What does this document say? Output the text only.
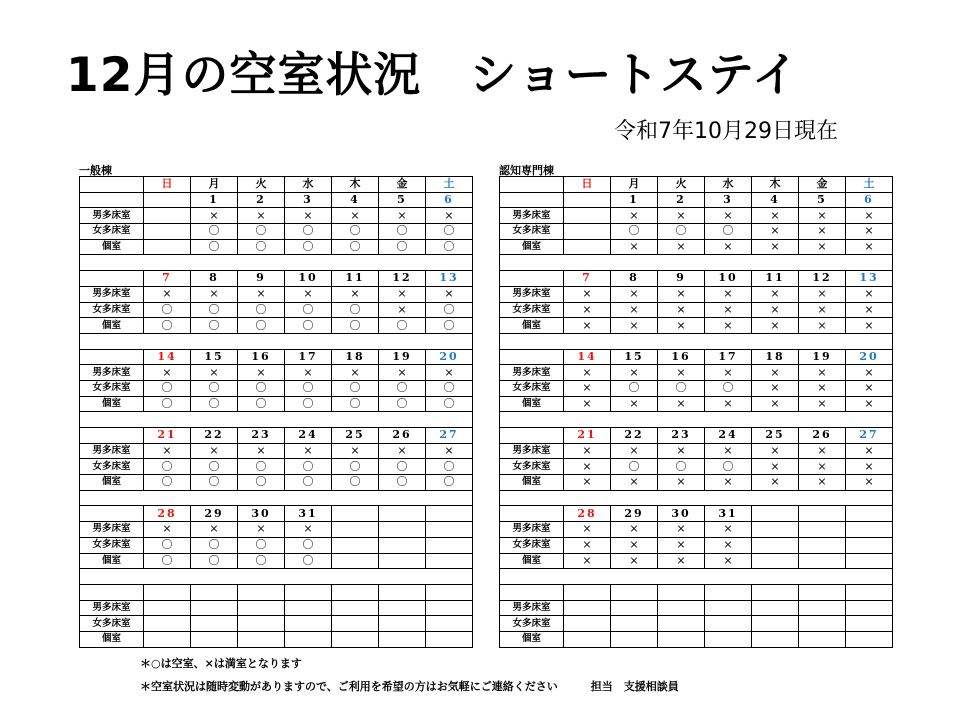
12月の空室状況　ショートステイ
令和7年10月29日現在
一般棟	認知専門棟
	日	月	火	水	木	金	土
		1	2	3	4	5	6
男多床室		×	×	×	×	×	×
女多床室		〇	〇	〇	〇	〇	〇
個室		〇	〇	〇	〇	〇	〇

	7	8	9	10	11	12	13
男多床室	×	×	×	×	×	×	×
女多床室	〇	〇	〇	〇	〇	×	〇
個室	〇	〇	〇	〇	〇	〇	〇

	14	15	16	17	18	19	20
男多床室	×	×	×	×	×	×	×
女多床室	〇	〇	〇	〇	〇	〇	〇
個室	〇	〇	〇	〇	〇	〇	〇

	21	22	23	24	25	26	27
男多床室	×	×	×	×	×	×	×
女多床室	〇	〇	〇	〇	〇	〇	〇
個室	〇	〇	〇	〇	〇	〇	〇

	28	29	30	31			
男多床室	×	×	×	×			
女多床室	〇	〇	〇	〇			
個室	〇	〇	〇	〇			

男多床室							
女多床室							
個室							
	日	月	火	水	木	金	土
		1	2	3	4	5	6
男多床室		×	×	×	×	×	×
女多床室		〇	〇	〇	×	×	×
個室		×	×	×	×	×	×

	7	8	9	10	11	12	13
男多床室	×	×	×	×	×	×	×
女多床室	×	×	×	×	×	×	×
個室	×	×	×	×	×	×	×

	14	15	16	17	18	19	20
男多床室	×	×	×	×	×	×	×
女多床室	×	〇	〇	〇	×	×	×
個室	×	×	×	×	×	×	×

	21	22	23	24	25	26	27
男多床室	×	×	×	×	×	×	×
女多床室	×	〇	〇	〇	×	×	×
個室	×	×	×	×	×	×	×

	28	29	30	31			
男多床室	×	×	×	×			
女多床室	×	×	×	×			
個室	×	×	×	×			

男多床室							
女多床室							
個室							
＊○は空室、×は満室となります
＊空室状況は随時変動がありますので、ご利用を希望の方はお気軽にご連絡ください　　　担当　支援相談員
